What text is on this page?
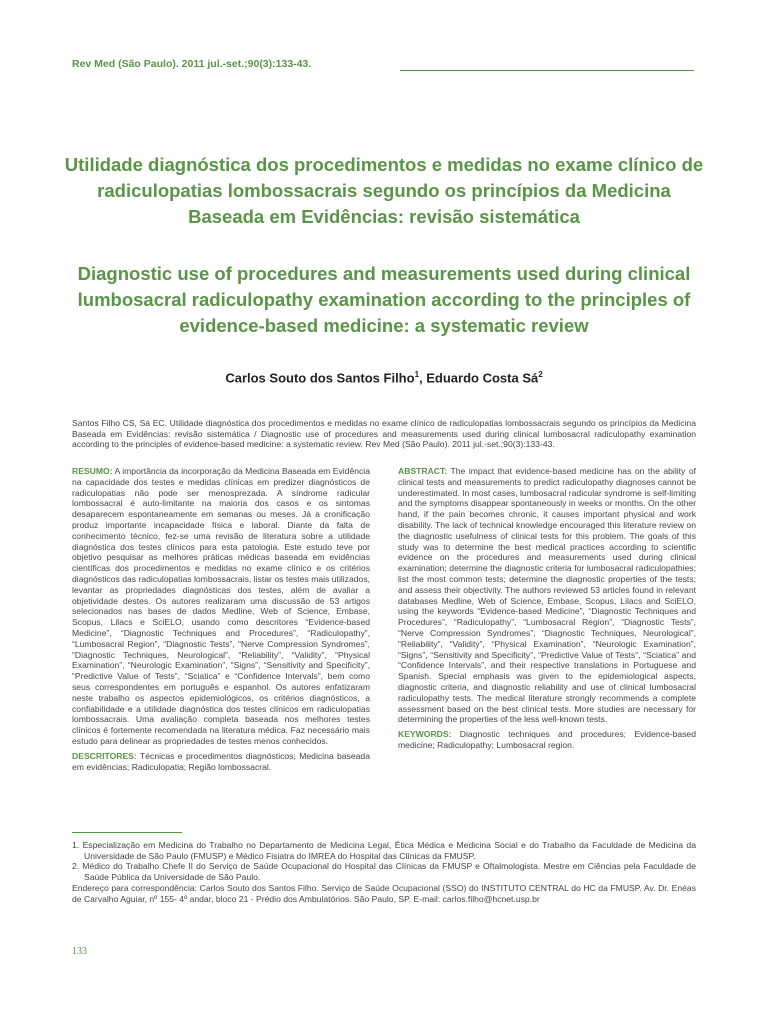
Rev Med (São Paulo). 2011 jul.-set.;90(3):133-43.

Utilidade diagnóstica dos procedimentos e medidas no exame clínico de radiculopatias lombossacrais segundo os princípios da Medicina Baseada em Evidências: revisão sistemática
Diagnostic use of procedures and measurements used during clinical lumbosacral radiculopathy examination according to the principles of evidence-based medicine: a systematic review

Carlos Souto dos Santos Filho$^1$, Eduardo Costa $Sá^2$

Santos Filho CS, Sá EC. Utilidade diagnóstica dos procedimentos e medidas no exame clínico de radiculopatias lombossacrais segundo os princípios da Medicina Baseada em Evidências: revisão sistemática / Diagnostic use of procedures and measurements used during clinical lumbosacral radiculopathy examination according to the principles of evidence-based medicine: a systematic review. Rev Med (São Paulo). 2011 jul.-set.;90(3):133-43.

RESUMO: A importância da incorporação da Medicina Baseada em Evidência na capacidade dos testes e medidas clínicas em predizer diagnósticos de radiculopatias não pode ser menosprezada. A síndrome radicular lombossacral é auto-limitante na maioria dos casos e os sintomas desaparecem espontaneamente em semanas ou meses. Já a cronificação produz importante incapacidade física e laboral. Diante da falta de conhecimento técnico, fez-se uma revisão de literatura sobre a utilidade diagnóstica dos testes clínicos para esta patologia. Este estudo teve por objetivo pesquisar as melhores práticas médicas baseada em evidências científicas dos procedimentos e medidas no exame clínico e os critérios diagnósticos das radiculopatias lombossacrais, listar os testes mais utilizados, levantar as propriedades diagnósticas dos testes, além de avaliar a objetividade destes. Os autores realizaram uma discussão de 53 artigos selecionados nas bases de dados Medline, Web of Science, Embase, Scopus, Lilacs e SciELO, usando como descritores “Evidence-based Medicine”, “Diagnostic Techniques and Procedures”, “Radiculopathy”, “Lumbosacral Region”, “Diagnostic Tests”, “Nerve Compression Syndromes”, “Diagnostic Techniques, Neurological”, “Reliability”, “Validity”, “Physical Examination”, “Neurologic Examination”, “Signs”, “Sensitivity and Specificity”, “Predictive Value of Tests”, “Sciatica” e “Confidence Intervals”, bem como seus correspondentes em português e espanhol. Os autores enfatizaram neste trabalho os aspectos epidemiológicos, os critérios diagnósticos, a confiabilidade e a utilidade diagnóstica dos testes clínicos em radiculopatias lombossacrais. Uma avaliação completa baseada nos melhores testes clínicos é fortemente recomendada na literatura médica. Faz necessário mais estudo para delinear as propriedades de testes menos conhecidos.

DESCRITORES: Técnicas e procedimentos diagnósticos; Medicina baseada em evidências; Radiculopatia; Região lombossacral.

ABSTRACT: The impact that evidence-based medicine has on the ability of clinical tests and measurements to predict radiculopathy diagnoses cannot be underestimated. In most cases, lumbosacral radicular syndrome is self-limiting and the symptoms disappear spontaneously in weeks or months. On the other hand, if the pain becomes chronic, it causes important physical and work disability. The lack of technical knowledge encouraged this literature review on the diagnostic usefulness of clinical tests for this problem. The goals of this study was to determine the best medical practices according to scientific evidence on the procedures and measurements used during clinical examination; determine the diagnostic criteria for lumbosacral radiculopathies; list the most common tests; determine the diagnostic properties of the tests; and assess their objectivity. The authors reviewed 53 articles found in relevant databases Medline, Web of Science, Embase, Scopus, Lilacs and SciELO, using the keywords “Evidence-based Medicine”, “Diagnostic Techniques and Procedures”, “Radiculopathy”, “Lumbosacral Region”, “Diagnostic Tests”, “Nerve Compression Syndromes”, “Diagnostic Techniques, Neurological”, “Reliability”, “Validity”, “Physical Examination”, “Neurologic Examination”, “Signs”, “Sensitivity and Specificity”, “Predictive Value of Tests”, “Sciatica” and “Confidence Intervals”, and their respective translations in Portuguese and Spanish. Special emphasis was given to the epidemiological aspects, diagnostic criteria, and diagnostic reliability and use of clinical lumbosacral radiculopathy tests. The medical literature strongly recommends a complete assessment based on the best clinical tests. More studies are necessary for determining the properties of the less well-known tests.

KEYWORDS: Diagnostic techniques and procedures; Evidence-based medicine; Radiculopathy; Lumbosacral region.

1. Especialização em Medicina do Trabalho no Departamento de Medicina Legal, Ética Médica e Medicina Social e do Trabalho da Faculdade de Medicina da Universidade de São Paulo (FMUSP) e Médico Fisiatra do IMREA do Hospital das Clínicas da FMUSP.

2. Médico do Trabalho Chefe II do Serviço de Saúde Ocupacional do Hospital das Clínicas da FMUSP e Oftalmologista. Mestre em Ciências pela Faculdade de Saúde Pública da Universidade de São Paulo.

Endereço para correspondência: Carlos Souto dos Santos Filho. Serviço de Saúde Ocupacional (SSO) do INSTITUTO CENTRAL do HC da FMUSP. Av. Dr. Enéas de Carvalho Aguiar, nº 155- 4º andar, bloco 21 - Prédio dos Ambulatórios. São Paulo, SP. E-mail: carlos.filho@hcnet.usp.br

133
